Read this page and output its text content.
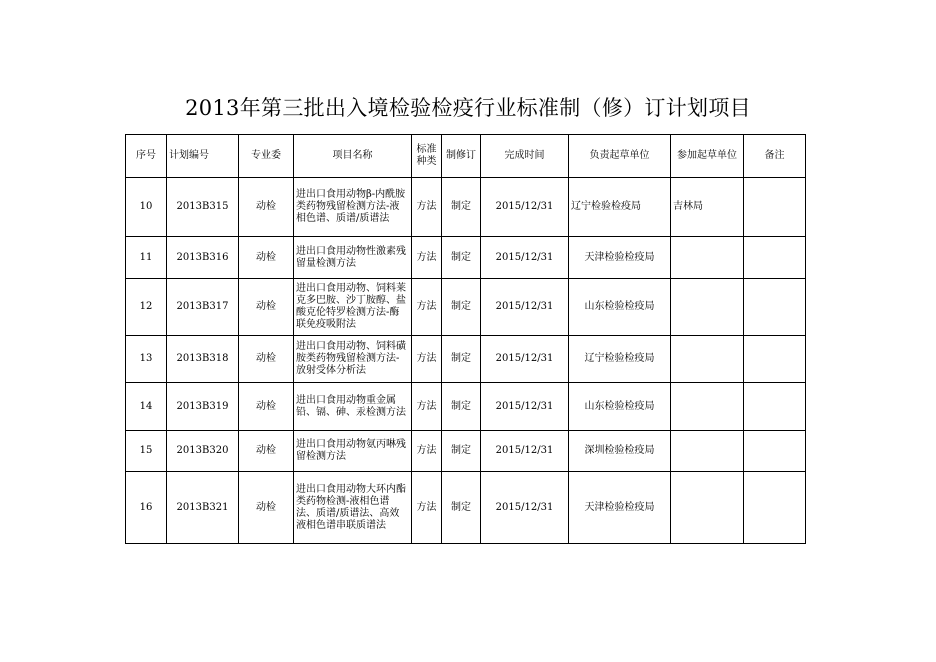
2013年第三批出入境检验检疫行业标准制（修）订计划项目
序号	计划编号	专业委	项目名称	标准种类	制修订	完成时间	负责起草单位	参加起草单位	备注
10	2013B315	动检	进出口食用动物β-内酰胺类药物残留检测方法-液相色谱、质谱/质谱法	方法	制定	2015/12/31	辽宁检验检疫局	吉林局	
11	2013B316	动检	进出口食用动物性激素残留量检测方法	方法	制定	2015/12/31	天津检验检疫局		
12	2013B317	动检	进出口食用动物、饲料莱克多巴胺、沙丁胺醇、盐酸克伦特罗检测方法-酶联免疫吸附法	方法	制定	2015/12/31	山东检验检疫局		
13	2013B318	动检	进出口食用动物、饲料磺胺类药物残留检测方法-放射受体分析法	方法	制定	2015/12/31	辽宁检验检疫局		
14	2013B319	动检	进出口食用动物重金属铅、镉、砷、汞检测方法	方法	制定	2015/12/31	山东检验检疫局		
15	2013B320	动检	进出口食用动物氨丙啉残留检测方法	方法	制定	2015/12/31	深圳检验检疫局		
16	2013B321	动检	进出口食用动物大环内酯类药物检测-液相色谱法、质谱/质谱法、高效液相色谱串联质谱法	方法	制定	2015/12/31	天津检验检疫局		
